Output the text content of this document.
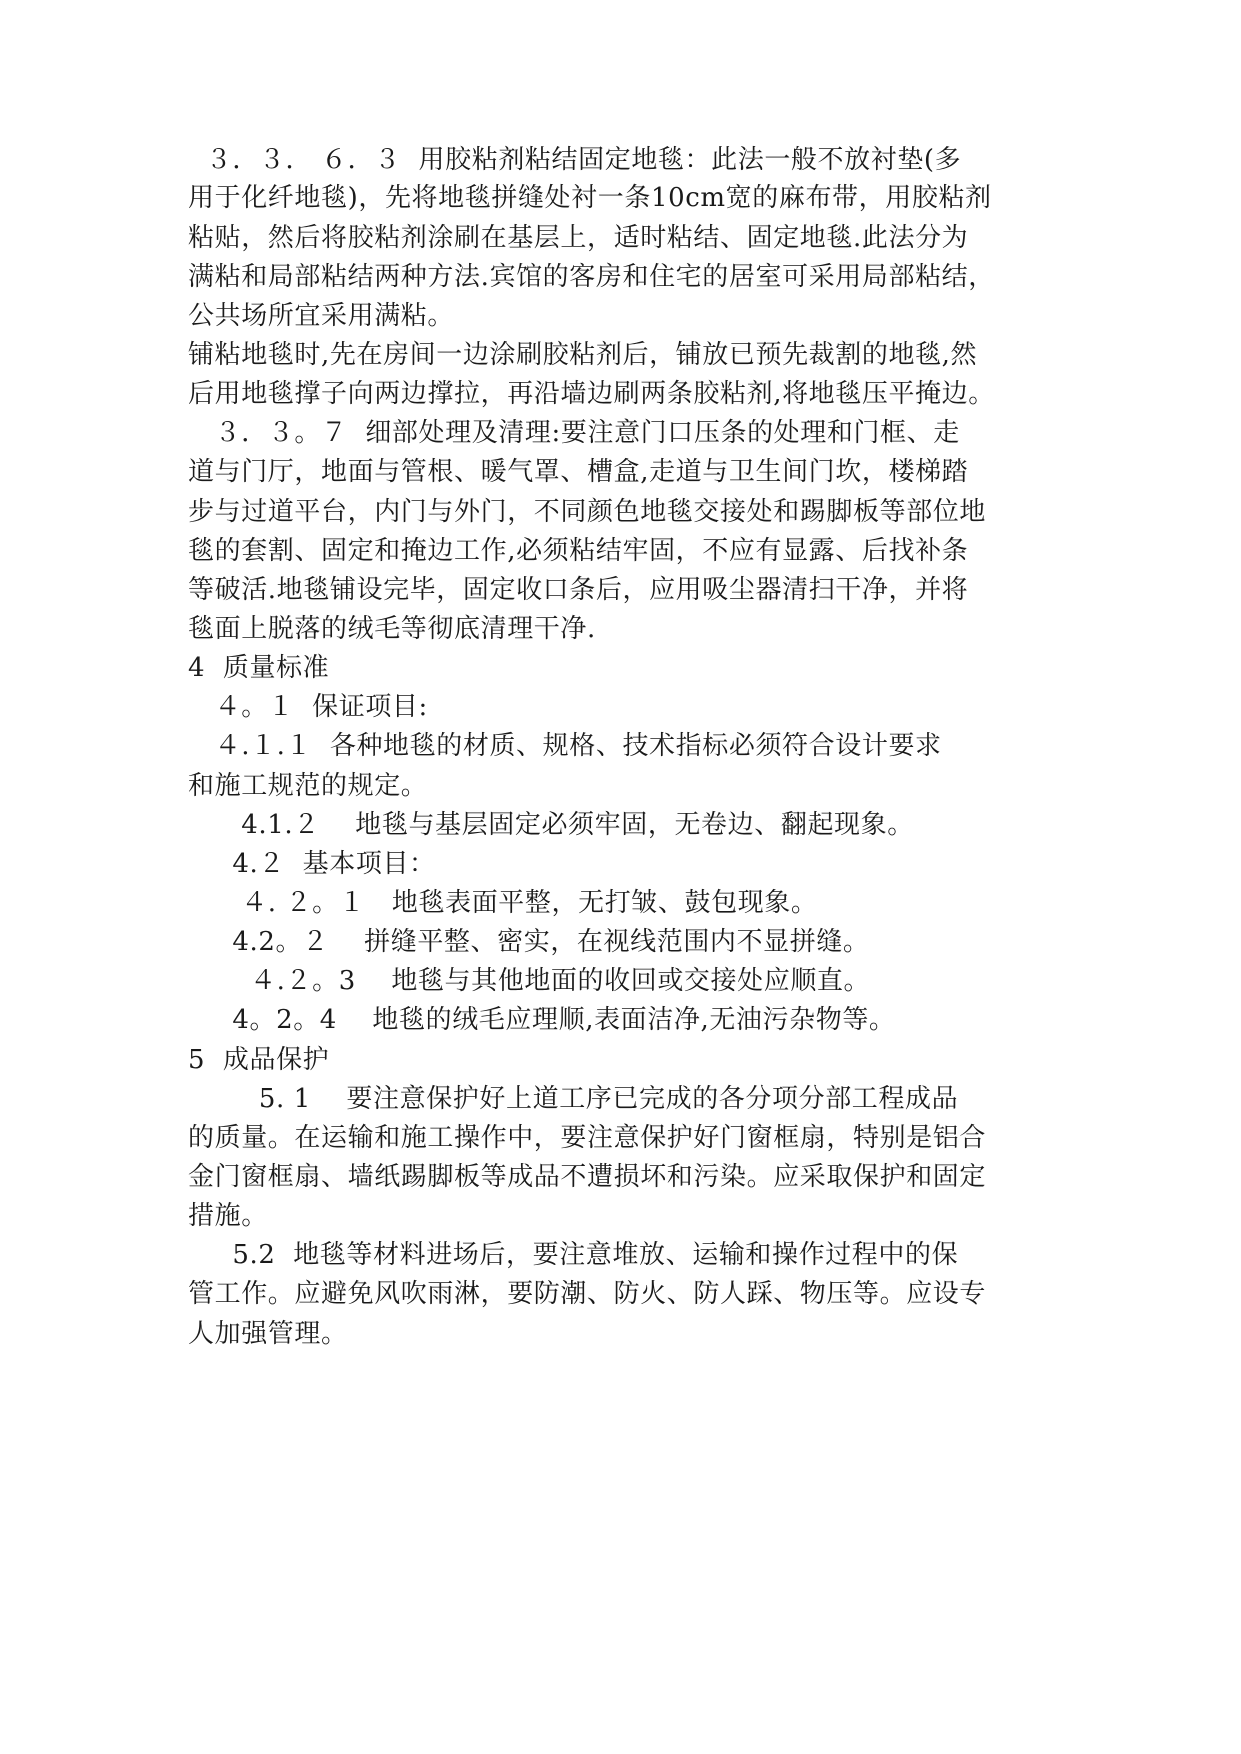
３．３． ６．３  用胶粘剂粘结固定地毯：此法一般不放衬垫(多

用于化纤地毯)，先将地毯拼缝处衬一条10cm宽的麻布带，用胶粘剂

粘贴，然后将胶粘剂涂刷在基层上，适时粘结、固定地毯.此法分为

满粘和局部粘结两种方法.宾馆的客房和住宅的居室可采用局部粘结，

公共场所宜采用满粘。

铺粘地毯时,先在房间一边涂刷胶粘剂后，铺放已预先裁割的地毯,然

后用地毯撑子向两边撑拉，再沿墙边刷两条胶粘剂,将地毯压平掩边。

３．３。７  细部处理及清理:要注意门口压条的处理和门框、走

道与门厅，地面与管根、暖气罩、槽盒,走道与卫生间门坎，楼梯踏

步与过道平台，内门与外门，不同颜色地毯交接处和踢脚板等部位地

毯的套割、固定和掩边工作,必须粘结牢固，不应有显露、后找补条

等破活.地毯铺设完毕，固定收口条后，应用吸尘器清扫干净，并将

毯面上脱落的绒毛等彻底清理干净.

4  质量标准

４。１  保证项目:

４.１.１  各种地毯的材质、规格、技术指标必须符合设计要求

和施工规范的规定。

4.1.２    地毯与基层固定必须牢固，无卷边、翻起现象。

4.２  基本项目：

４. ２。１   地毯表面平整，无打皱、鼓包现象。

4.2。２    拼缝平整、密实，在视线范围内不显拼缝。

４.２。3    地毯与其他地面的收回或交接处应顺直。

4。2。4    地毯的绒毛应理顺,表面洁净,无油污杂物等。

5  成品保护

5. 1    要注意保护好上道工序已完成的各分项分部工程成品

的质量。在运输和施工操作中，要注意保护好门窗框扇，特别是铝合

金门窗框扇、墙纸踢脚板等成品不遭损坏和污染。应采取保护和固定

措施。

5.2  地毯等材料进场后，要注意堆放、运输和操作过程中的保

管工作。应避免风吹雨淋，要防潮、防火、防人踩、物压等。应设专

人加强管理。
